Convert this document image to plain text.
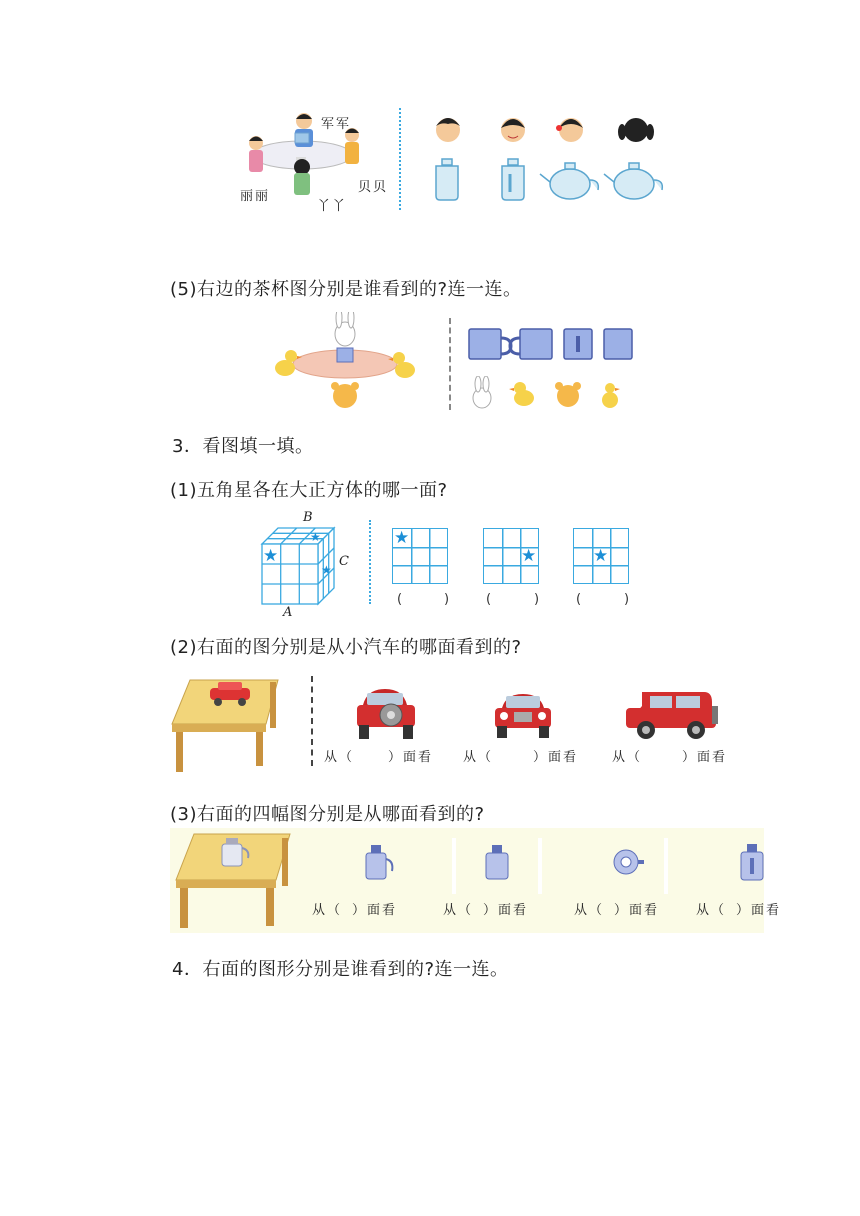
军军
丽丽
贝贝
丫丫
(5)右边的茶杯图分别是谁看到的?连一连。
3．看图填一填。
(1)五角星各在大正方体的哪一面?
★
★
★
B
C
A
★
★	★
(	)	(	)	(	)
(2)右面的图分别是从小汽车的哪面看到的?
从（	）面看 从（	）面看	从（	）面看
(3)右面的四幅图分别是从哪面看到的?
从（ ）面看	从（ ）面看	从（ ）面看	从（ ）面看
4．右面的图形分别是谁看到的?连一连。
